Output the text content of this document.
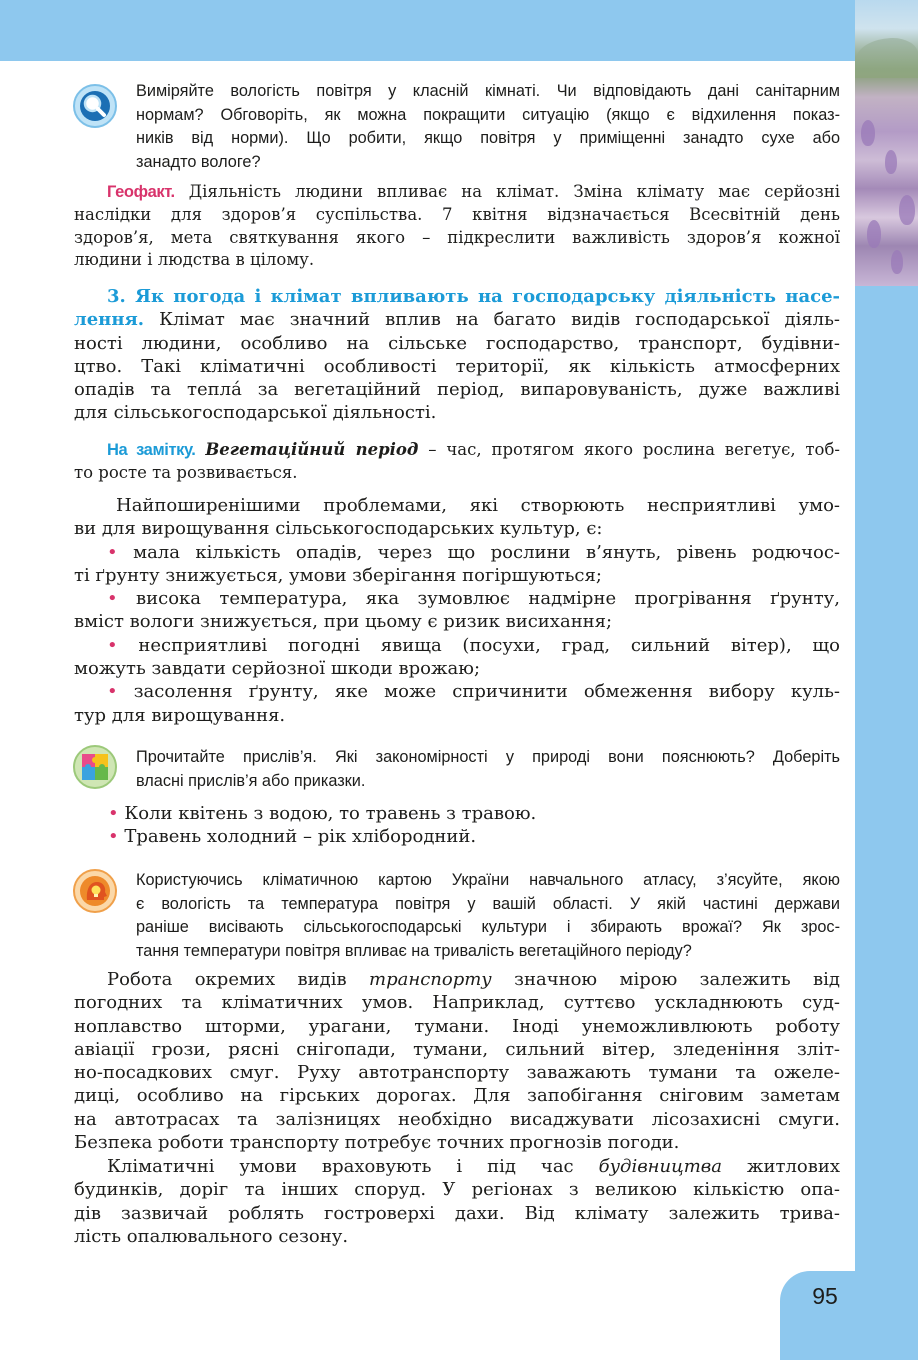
95
Виміряйте вологість повітря у класній кімнаті. Чи відповідають дані санітарним
нормам? Обговоріть, як можна покращити ситуацію (якщо є відхилення показ-
ників від норми). Що робити, якщо повітря у приміщенні занадто сухе або
занадто вологе?
Геофакт. Діяльність людини впливає на клімат. Зміна клімату має серйозні
наслідки для здоров’я суспільства. 7 квітня відзначається Всесвітній день
здоров’я, мета святкування якого – підкреслити важливість здоров’я кожної
людини і людства в цілому.
3. Як погода і клімат впливають на господарську діяльність насе-
лення. Клімат має значний вплив на багато видів господарської діяль-
ності людини, особливо на сільське господарство, транспорт, будівни-
цтво. Такі кліматичні особливості території, як кількість атмосферних
опадів та теплá за вегетаційний період, випаровуваність, дуже важливі
для сільськогосподарської діяльності.
На замітку. Вегетаційний період – час, протягом якого рослина вегетує, тоб-
то росте та розвивається.
Найпоширенішими проблемами, які створюють несприятливі умо-
ви для вирощування сільськогосподарських культур, є:
• мала кількість опадів, через що рослини в’януть, рівень родючос-
ті ґрунту знижується, умови зберігання погіршуються;
• висока температура, яка зумовлює надмірне прогрівання ґрунту,
вміст вологи знижується, при цьому є ризик висихання;
• несприятливі погодні явища (посухи, град, сильний вітер), що
можуть завдати серйозної шкоди врожаю;
• засолення ґрунту, яке може спричинити обмеження вибору куль-
тур для вирощування.
Прочитайте прислів’я. Які закономірності у природі вони пояснюють? Доберіть
власні прислів’я або приказки.
• Коли квітень з водою, то травень з травою.
• Травень холодний – рік хлібородний.
Користуючись кліматичною картою України навчального атласу, з’ясуйте, якою
є вологість та температура повітря у вашій області. У якій частині держави
раніше висівають сільськогосподарські культури і збирають врожаї? Як зрос-
тання температури повітря впливає на тривалість вегетаційного періоду?
Робота окремих видів транспорту значною мірою залежить від
погодних та кліматичних умов. Наприклад, суттєво ускладнюють суд-
ноплавство шторми, урагани, тумани. Іноді унеможливлюють роботу
авіації грози, рясні снігопади, тумани, сильний вітер, зледеніння зліт-
но-посадкових смуг. Руху автотранспорту заважають тумани та ожеле-
диці, особливо на гірських дорогах. Для запобігання сніговим заметам
на автотрасах та залізницях необхідно висаджувати лісозахисні смуги.
Безпека роботи транспорту потребує точних прогнозів погоди.
Кліматичні умови враховують і під час будівництва житлових
будинків, доріг та інших споруд. У регіонах з великою кількістю опа-
дів зазвичай роблять гостроверхі дахи. Від клімату залежить трива-
лість опалювального сезону.
